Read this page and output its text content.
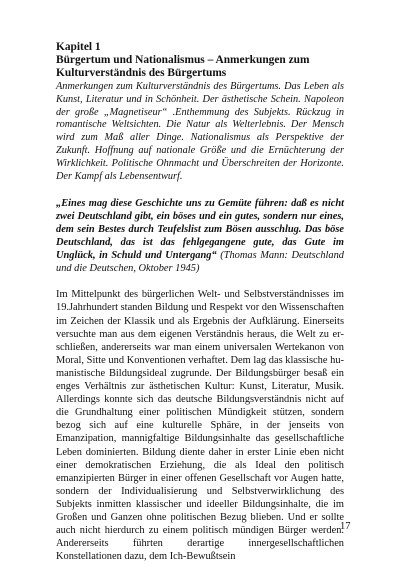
Kapitel 1
Bürgertum und Nationalismus – Anmerkungen zum Kulturverständnis des Bürgertums
Anmerkungen zum Kulturverständnis des Bürgertums. Das Leben als Kunst, Literatur und in Schönheit. Der ästhetische Schein. Napoleon der große „Magnetiseur“ .Enthemmung des Subjekts. Rückzug in romantische Weltsichten. Die Natur als Welterlebnis. Der Mensch wird zum Maß aller Dinge. Nationalismus als Perspektive der Zukunft. Hoffnung auf nationale Größe und die Ernüchterung der Wirklichkeit. Politische Ohnmacht und Überschreiten der Horizonte. Der Kampf als Lebensentwurf.
„Eines mag diese Geschichte uns zu Gemüte führen: daß es nicht zwei Deutschland gibt, ein böses und ein gutes, sondern nur eines, dem sein Bestes durch Teufelslist zum Bösen ausschlug. Das böse Deutschland, das ist das fehlgegangene gute, das Gute im Unglück, in Schuld und Untergang“ (Thomas Mann: Deutschland und die Deutschen, Oktober 1945)
Im Mittelpunkt des bürgerlichen Welt- und Selbstverständnisses im 19.Jahrhundert standen Bildung und Respekt vor den Wissenschaften im Zeichen der Klassik und als Ergebnis der Aufklärung. Einerseits versuchte man aus dem eigenen Verständnis heraus, die Welt zu erschließen, andererseits war man einem universalen Wertekanon von Moral, Sitte und Konventionen verhaftet. Dem lag das klassische humanistische Bildungsideal zugrunde. Der Bildungsbürger besaß ein enges Verhältnis zur ästhetischen Kultur: Kunst, Literatur, Musik. Allerdings konnte sich das deutsche Bildungsverständnis nicht auf die Grundhaltung einer politischen Mündigkeit stützen, sondern bezog sich auf eine kulturelle Sphäre, in der jenseits von Emanzipation, mannigfaltige Bildungsinhalte das gesellschaftliche Leben dominierten. Bildung diente daher in erster Linie eben nicht einer demokratischen Erziehung, die als Ideal den politisch emanzipierten Bürger in einer offenen Gesellschaft vor Augen hatte, sondern der Individualisierung und Selbstverwirklichung des Subjekts inmitten klassischer und ideeller Bildungsinhalte, die im Großen und Ganzen ohne politischen Bezug blieben. Und er sollte auch nicht hierdurch zu einem politisch mündigen Bürger werden. Andererseits führten derartige innergesellschaftlichen Konstellationen dazu, dem Ich-Bewußtsein
17
